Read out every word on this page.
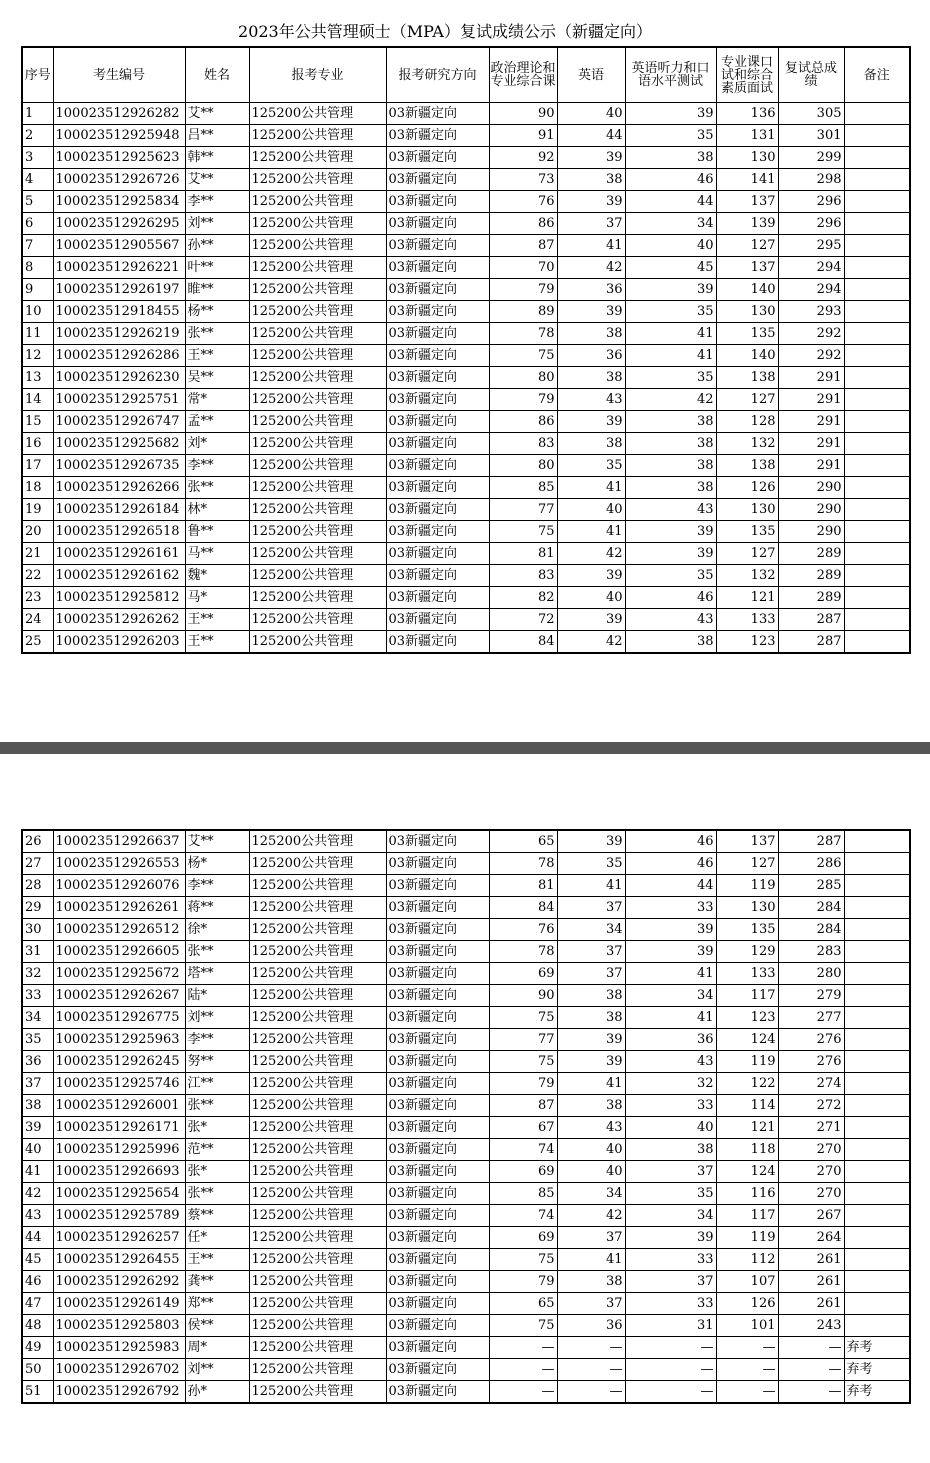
2023年公共管理硕士（MPA）复试成绩公示（新疆定向）
序号	考生编号	姓名	报考专业	报考研究方向	政治理论和专业综合课	英语	英语听力和口语水平测试	专业课口试和综合素质面试	复试总成绩	备注
1	100023512926282	艾**	125200公共管理	03新疆定向	90	40	39	136	305	
2	100023512925948	吕**	125200公共管理	03新疆定向	91	44	35	131	301	
3	100023512925623	韩**	125200公共管理	03新疆定向	92	39	38	130	299	
4	100023512926726	艾**	125200公共管理	03新疆定向	73	38	46	141	298	
5	100023512925834	李**	125200公共管理	03新疆定向	76	39	44	137	296	
6	100023512926295	刘**	125200公共管理	03新疆定向	86	37	34	139	296	
7	100023512905567	孙**	125200公共管理	03新疆定向	87	41	40	127	295	
8	100023512926221	叶**	125200公共管理	03新疆定向	70	42	45	137	294	
9	100023512926197	睢**	125200公共管理	03新疆定向	79	36	39	140	294	
10	100023512918455	杨**	125200公共管理	03新疆定向	89	39	35	130	293	
11	100023512926219	张**	125200公共管理	03新疆定向	78	38	41	135	292	
12	100023512926286	王**	125200公共管理	03新疆定向	75	36	41	140	292	
13	100023512926230	吴**	125200公共管理	03新疆定向	80	38	35	138	291	
14	100023512925751	常*	125200公共管理	03新疆定向	79	43	42	127	291	
15	100023512926747	孟**	125200公共管理	03新疆定向	86	39	38	128	291	
16	100023512925682	刘*	125200公共管理	03新疆定向	83	38	38	132	291	
17	100023512926735	李**	125200公共管理	03新疆定向	80	35	38	138	291	
18	100023512926266	张**	125200公共管理	03新疆定向	85	41	38	126	290	
19	100023512926184	林*	125200公共管理	03新疆定向	77	40	43	130	290	
20	100023512926518	鲁**	125200公共管理	03新疆定向	75	41	39	135	290	
21	100023512926161	马**	125200公共管理	03新疆定向	81	42	39	127	289	
22	100023512926162	魏*	125200公共管理	03新疆定向	83	39	35	132	289	
23	100023512925812	马*	125200公共管理	03新疆定向	82	40	46	121	289	
24	100023512926262	王**	125200公共管理	03新疆定向	72	39	43	133	287	
25	100023512926203	王**	125200公共管理	03新疆定向	84	42	38	123	287	
26	100023512926637	艾**	125200公共管理	03新疆定向	65	39	46	137	287	
27	100023512926553	杨*	125200公共管理	03新疆定向	78	35	46	127	286	
28	100023512926076	李**	125200公共管理	03新疆定向	81	41	44	119	285	
29	100023512926261	蒋**	125200公共管理	03新疆定向	84	37	33	130	284	
30	100023512926512	徐*	125200公共管理	03新疆定向	76	34	39	135	284	
31	100023512926605	张**	125200公共管理	03新疆定向	78	37	39	129	283	
32	100023512925672	塔**	125200公共管理	03新疆定向	69	37	41	133	280	
33	100023512926267	陆*	125200公共管理	03新疆定向	90	38	34	117	279	
34	100023512926775	刘**	125200公共管理	03新疆定向	75	38	41	123	277	
35	100023512925963	李**	125200公共管理	03新疆定向	77	39	36	124	276	
36	100023512926245	努**	125200公共管理	03新疆定向	75	39	43	119	276	
37	100023512925746	江**	125200公共管理	03新疆定向	79	41	32	122	274	
38	100023512926001	张**	125200公共管理	03新疆定向	87	38	33	114	272	
39	100023512926171	张*	125200公共管理	03新疆定向	67	43	40	121	271	
40	100023512925996	范**	125200公共管理	03新疆定向	74	40	38	118	270	
41	100023512926693	张*	125200公共管理	03新疆定向	69	40	37	124	270	
42	100023512925654	张**	125200公共管理	03新疆定向	85	34	35	116	270	
43	100023512925789	蔡**	125200公共管理	03新疆定向	74	42	34	117	267	
44	100023512926257	任*	125200公共管理	03新疆定向	69	37	39	119	264	
45	100023512926455	王**	125200公共管理	03新疆定向	75	41	33	112	261	
46	100023512926292	龚**	125200公共管理	03新疆定向	79	38	37	107	261	
47	100023512926149	郑**	125200公共管理	03新疆定向	65	37	33	126	261	
48	100023512925803	侯**	125200公共管理	03新疆定向	75	36	31	101	243	
49	100023512925983	周*	125200公共管理	03新疆定向	—	—	—	—	—	弃考
50	100023512926702	刘**	125200公共管理	03新疆定向	—	—	—	—	—	弃考
51	100023512926792	孙*	125200公共管理	03新疆定向	—	—	—	—	—	弃考
